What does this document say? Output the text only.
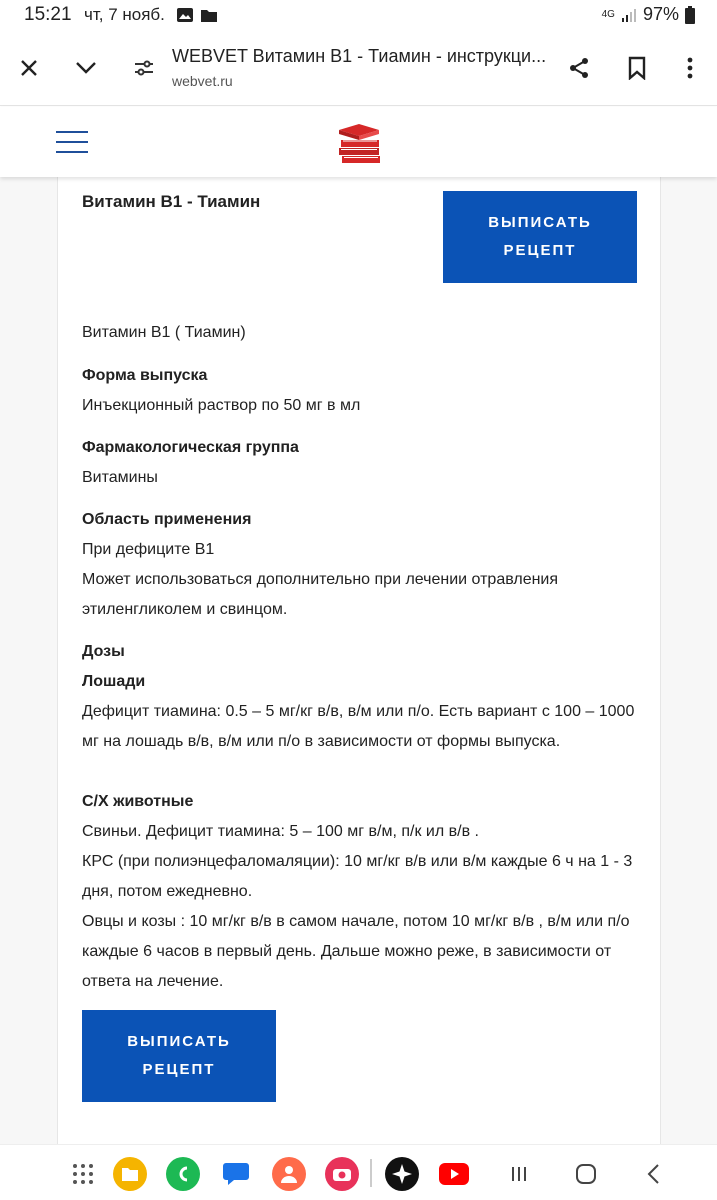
15:21 чт, 7 нояб.	4G 97%
WEBVET Витамин В1 - Тиамин - инструкци...
webvet.ru
Витамин В1 - Тиамин
ВЫПИСАТЬ
РЕЦЕПТ
Витамин В1 ( Тиамин)
Форма выпуска
Инъекционный раствор по 50 мг в мл
Фармакологическая группа
Витамины
Область применения
При дефиците В1
Может использоваться дополнительно при лечении отравления этиленгликолем и свинцом.
Дозы
Лошади
Дефицит тиамина: 0.5 – 5 мг/кг в/в, в/м или п/о. Есть вариант с 100 – 1000 мг на лошадь в/в, в/м или п/о в зависимости от формы выпуска.
С/Х животные
Свиньи. Дефицит тиамина: 5 – 100 мг в/м, п/к ил в/в .
КРС (при полиэнцефаломаляции): 10 мг/кг в/в или в/м каждые 6 ч на 1 - 3 дня, потом ежедневно.
Овцы и козы : 10 мг/кг в/в в самом начале, потом 10 мг/кг в/в , в/м или п/о каждые 6 часов в первый день. Дальше можно реже, в зависимости от ответа на лечение.
ВЫПИСАТЬ
РЕЦЕПТ
